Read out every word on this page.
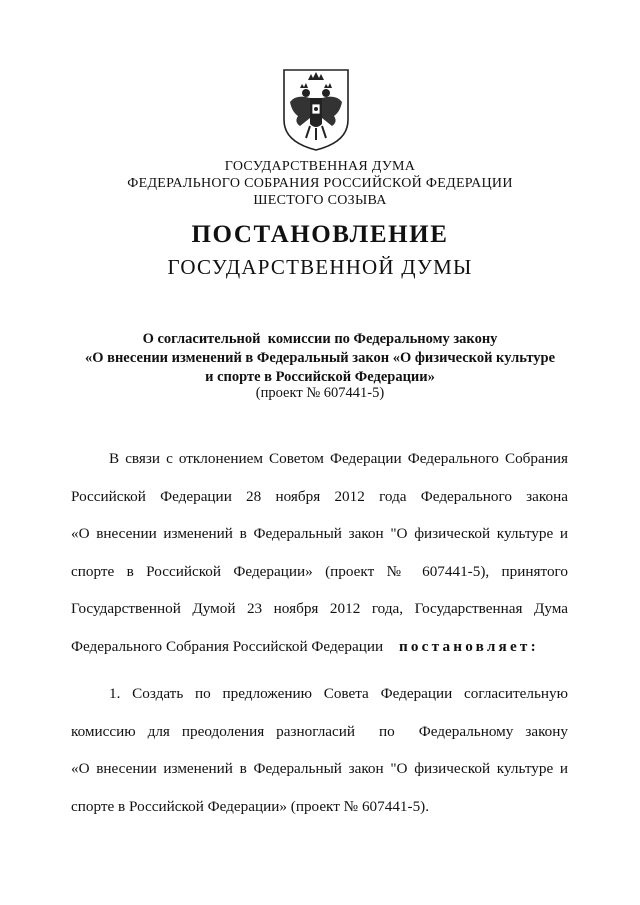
ГОСУДАРСТВЕННАЯ ДУМА
ФЕДЕРАЛЬНОГО СОБРАНИЯ РОССИЙСКОЙ ФЕДЕРАЦИИ
ШЕСТОГО СОЗЫВА
ПОСТАНОВЛЕНИЕ
ГОСУДАРСТВЕННОЙ ДУМЫ
О согласительной  комиссии по Федеральному закону
«О внесении изменений в Федеральный закон «О физической культуре
и спорте в Российской Федерации»
(проект № 607441-5)
В связи с отклонением Советом Федерации Федерального Собрания
Российской Федерации 28 ноября 2012 года Федерального закона
«О внесении изменений в Федеральный закон "О физической культуре и
спорте в Российской Федерации» (проект № 607441-5), принятого
Государственной Думой 23 ноября 2012 года, Государственная Дума
Федерального Собрания Российской Федерации постановляет:
1. Создать по предложению Совета Федерации согласительную
комиссию для преодоления разногласий  по  Федеральному закону
«О внесении изменений в Федеральный закон "О физической культуре и
спорте в Российской Федерации» (проект № 607441-5).
